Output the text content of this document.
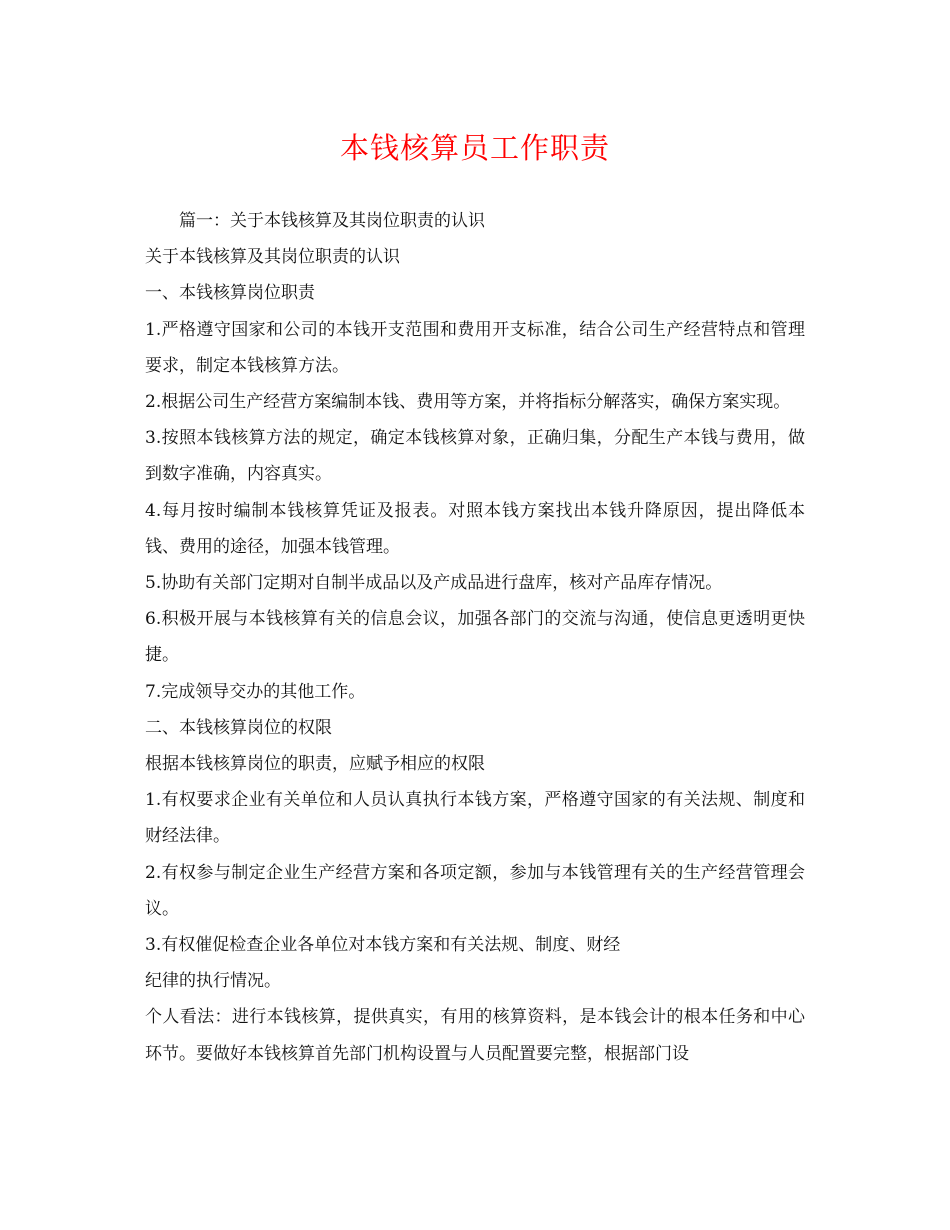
本钱核算员工作职责

篇一：关于本钱核算及其岗位职责的认识

关于本钱核算及其岗位职责的认识

一、本钱核算岗位职责

1.严格遵守国家和公司的本钱开支范围和费用开支标准，结合公司生产经营特点和管理要求，制定本钱核算方法。

2.根据公司生产经营方案编制本钱、费用等方案，并将指标分解落实，确保方案实现。

3.按照本钱核算方法的规定，确定本钱核算对象，正确归集，分配生产本钱与费用，做到数字准确，内容真实。

4.每月按时编制本钱核算凭证及报表。对照本钱方案找出本钱升降原因，提出降低本钱、费用的途径，加强本钱管理。

5.协助有关部门定期对自制半成品以及产成品进行盘库，核对产品库存情况。

6.积极开展与本钱核算有关的信息会议，加强各部门的交流与沟通，使信息更透明更快捷。

7.完成领导交办的其他工作。

二、本钱核算岗位的权限

根据本钱核算岗位的职责，应赋予相应的权限

1.有权要求企业有关单位和人员认真执行本钱方案，严格遵守国家的有关法规、制度和财经法律。

2.有权参与制定企业生产经营方案和各项定额，参加与本钱管理有关的生产经营管理会议。

3.有权催促检查企业各单位对本钱方案和有关法规、制度、财经

纪律的执行情况。

个人看法：进行本钱核算，提供真实，有用的核算资料，是本钱会计的根本任务和中心环节。要做好本钱核算首先部门机构设置与人员配置要完整，根据部门设
